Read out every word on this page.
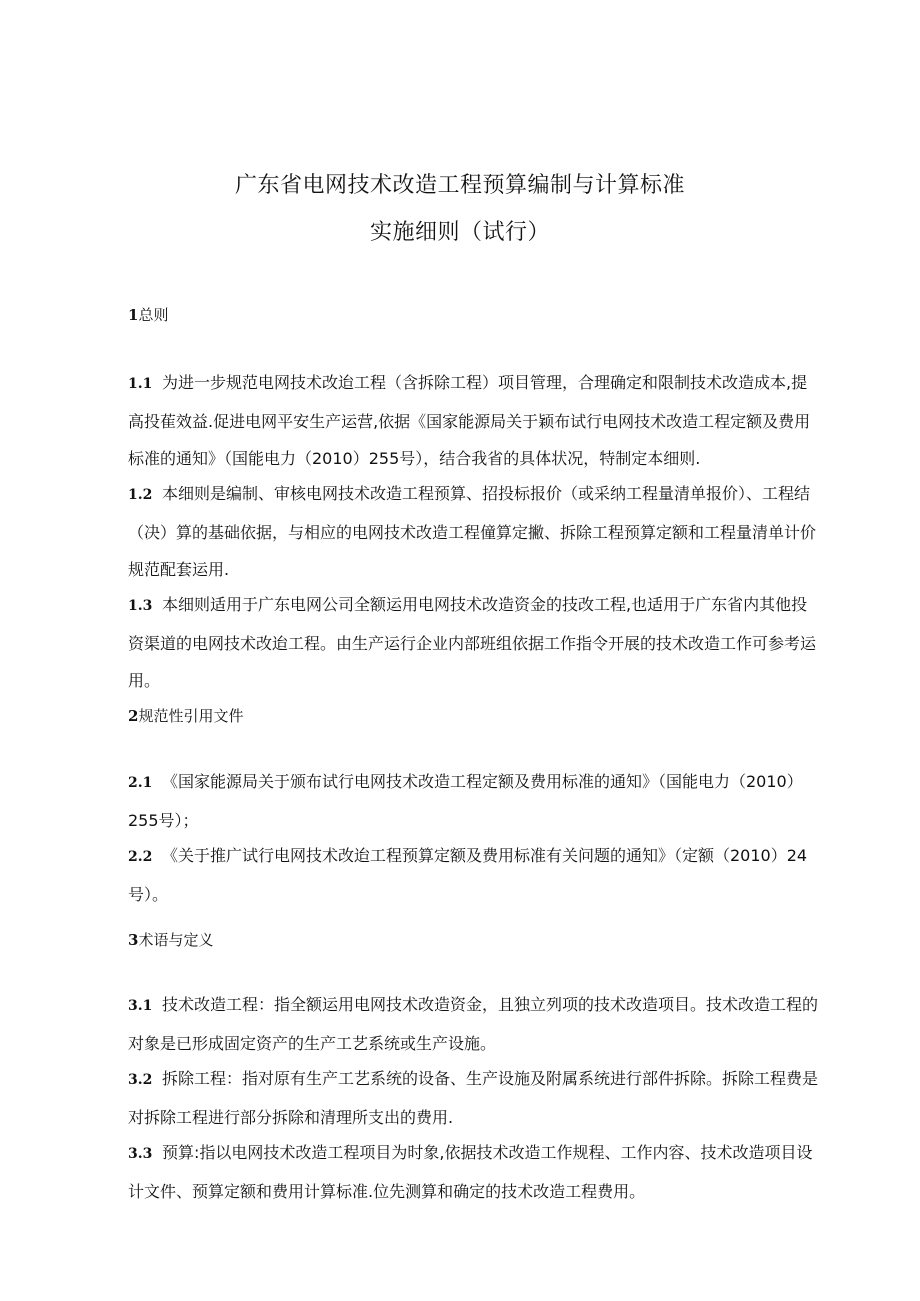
广东省电网技术改造工程预算编制与计算标准
实施细则（试行）
1总则
1.1 为进一步规范电网技术改迨工程（含拆除工程）项目管理，合理确定和限制技术改造成本,提高投萑效益.促进电网平安生产运营,依据《国家能源局关于颖布试行电网技术改造工程定额及费用标准的通知》（国能电力（2010）255号），结合我省的具体状况，特制定本细则.
1.2 本细则是编制、审核电网技术改造工程预算、招投标报价（或采纳工程量清单报价）、工程结（决）算的基础依据，与相应的电网技术改造工程僮算定撇、拆除工程预算定额和工程量清单计价规范配套运用.
1.3 本细则适用于广东电网公司全额运用电网技术改造资金的技改工程,也适用于广东省内其他投资渠道的电网技术改迨工程。由生产运行企业内部班组依据工作指令开展的技术改造工作可参考运用。
2规范性引用文件
2.1 《国家能源局关于颁布试行电网技术改造工程定额及费用标准的通知》（国能电力（2010）255号）；
2.2 《关于推广试行电网技术改迨工程预算定额及费用标准有关问题的通知》（定额（2010）24号）。
3术语与定义
3.1 技术改造工程：指全额运用电网技术改造资金，且独立列项的技术改造项目。技术改造工程的对象是已形成固定资产的生产工艺系统或生产设施。
3.2 拆除工程：指对原有生产工艺系统的设备、生产设施及附属系统进行部件拆除。拆除工程费是对拆除工程进行部分拆除和清理所支出的费用.
3.3 预算:指以电网技术改造工程项目为时象,依据技术改造工作规程、工作内容、技术改造项目设计文件、预算定额和费用计算标准.位先测算和确定的技术改造工程费用。
